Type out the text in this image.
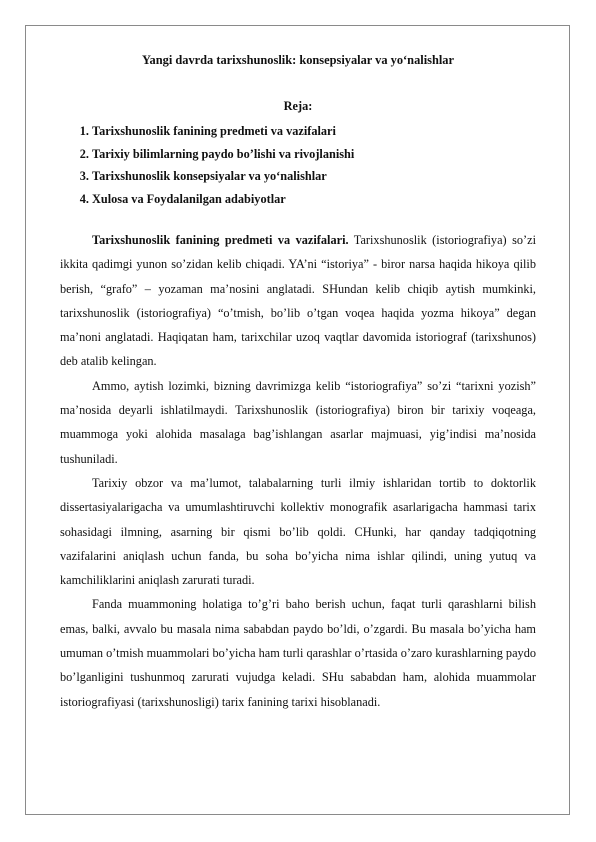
Yangi davrda tarixshunoslik: konsepsiyalar va yo‘nalishlar
Reja:
1. Tarixshunoslik fanining predmeti va vazifalari
2. Tarixiy bilimlarning paydo bo’lishi va rivojlanishi
3. Tarixshunoslik konsepsiyalar va yo‘nalishlar
4. Xulosa va Foydalanilgan adabiyotlar

Tarixshunoslik fanining predmeti va vazifalari. Tarixshunoslik (istoriografiya) so’zi ikkita qadimgi yunon so’zidan kelib chiqadi. YA’ni “istoriya” - biror narsa haqida hikoya qilib berish, “grafo” – yozaman ma’nosini anglatadi. SHundan kelib chiqib aytish mumkinki, tarixshunoslik (istoriografiya) “o’tmish, bo’lib o’tgan voqea haqida yozma hikoya” degan ma’noni anglatadi. Haqiqatan ham, tarixchilar uzoq vaqtlar davomida istoriograf (tarixshunos) deb atalib kelingan.

Ammo, aytish lozimki, bizning davrimizga kelib “istoriografiya” so’zi “tarixni yozish” ma’nosida deyarli ishlatilmaydi. Tarixshunoslik (istoriografiya) biron bir tarixiy voqeaga, muammoga yoki alohida masalaga bag’ishlangan asarlar majmuasi, yig’indisi ma’nosida tushuniladi.

Tarixiy obzor va ma’lumot, talabalarning turli ilmiy ishlaridan tortib to doktorlik dissertasiyalarigacha va umumlashtiruvchi kollektiv monografik asarlarigacha hammasi tarix sohasidagi ilmning, asarning bir qismi bo’lib qoldi. CHunki, har qanday tadqiqotning vazifalarini aniqlash uchun fanda, bu soha bo’yicha nima ishlar qilindi, uning yutuq va kamchiliklarini aniqlash zarurati turadi.

Fanda muammoning holatiga to’g’ri baho berish uchun, faqat turli qarashlarni bilish emas, balki, avvalo bu masala nima sababdan paydo bo’ldi, o’zgardi. Bu masala bo’yicha ham umuman o’tmish muammolari bo’yicha ham turli qarashlar o’rtasida o’zaro kurashlarning paydo bo’lganligini tushunmoq zarurati vujudga keladi. SHu sababdan ham, alohida muammolar istoriografiyasi (tarixshunosligi) tarix fanining tarixi hisoblanadi.
